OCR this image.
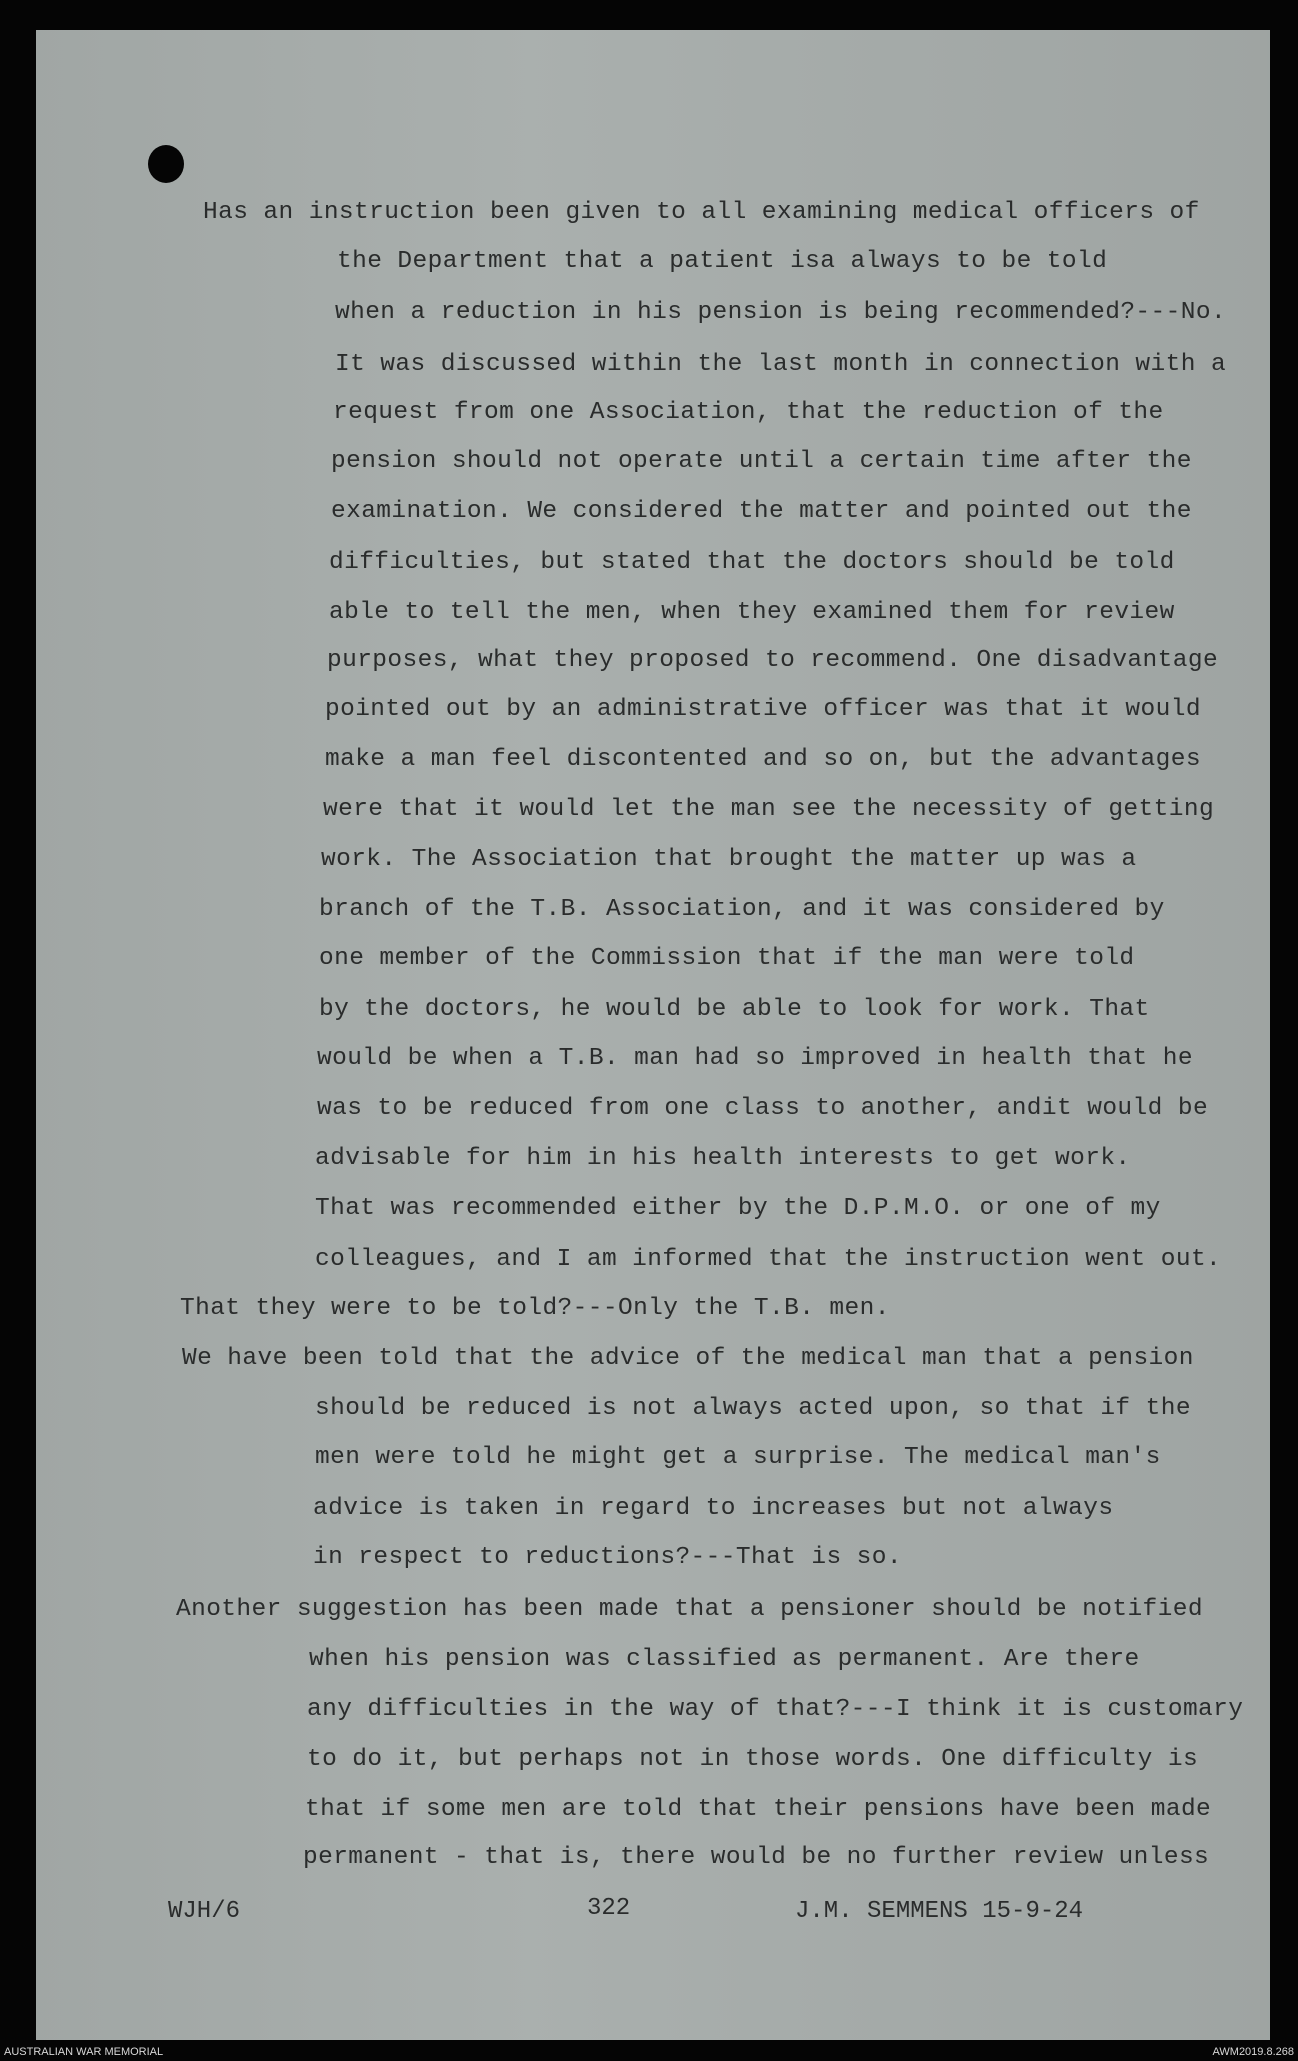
Has an instruction been given to all examining medical officers of
the Department that a patient isa always to be told
when a reduction in his pension is being recommended?---No.
It was discussed within the last month in connection with a
request from one Association, that the reduction of the
pension should not operate until a certain time after the
examination. We considered the matter and pointed out the
difficulties, but stated that the doctors should be told
able to tell the men, when they examined them for review
purposes, what they proposed to recommend. One disadvantage
pointed out by an administrative officer was that it would
make a man feel discontented and so on, but the advantages
were that it would let the man see the necessity of getting
work. The Association that brought the matter up was a
branch of the T.B. Association, and it was considered by
one member of the Commission that if the man were told
by the doctors, he would be able to look for work. That
would be when a T.B. man had so improved in health that he
was to be reduced from one class to another, andit would be
advisable for him in his health interests to get work.
That was recommended either by the D.P.M.O. or one of my
colleagues, and I am informed that the instruction went out.
That they were to be told?---Only the T.B. men.
We have been told that the advice of the medical man that a pension
should be reduced is not always acted upon, so that if the
men were told he might get a surprise. The medical man's
advice is taken in regard to increases but not always
in respect to reductions?---That is so.
Another suggestion has been made that a pensioner should be notified
when his pension was classified as permanent. Are there
any difficulties in the way of that?---I think it is customary
to do it, but perhaps not in those words. One difficulty is
that if some men are told that their pensions have been made
permanent - that is, there would be no further review unless
WJH/6	322	J.M. SEMMENS 15-9-24
AUSTRALIAN WAR MEMORIAL	AWM2019.8.268
